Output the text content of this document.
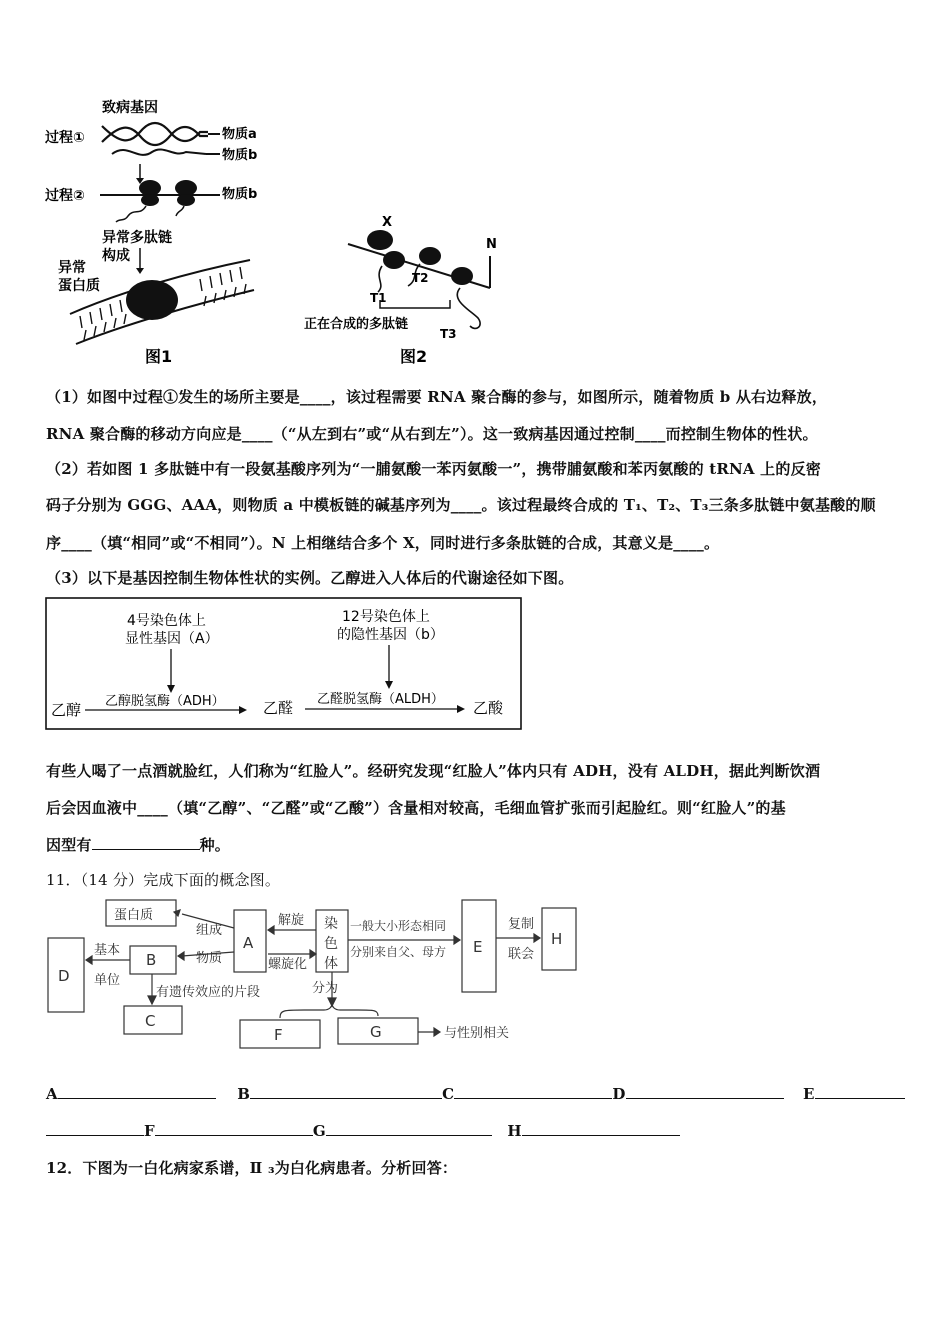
致病基因
过程①	物质a
物质b
过程②	物质b
异常多肽链
构成
异常
蛋白质
图1
X
N
T1
T2
正在合成的多肽链
T3
图2
（1）如图中过程①发生的场所主要是____，该过程需要 RNA 聚合酶的参与，如图所示，随着物质 b 从右边释放，
RNA 聚合酶的移动方向应是____（“从左到右”或“从右到左”）。这一致病基因通过控制____而控制生物体的性状。
（2）若如图 1 多肽链中有一段氨基酸序列为“一脯氨酸一苯丙氨酸一”，携带脯氨酸和苯丙氨酸的 tRNA 上的反密
码子分别为 GGG、AAA，则物质 a 中模板链的碱基序列为____。该过程最终合成的 T₁、T₂、T₃三条多肽链中氨基酸的顺
序____（填“相同”或“不相同”）。N 上相继结合多个 X，同时进行多条肽链的合成，其意义是____。
（3）以下是基因控制生物体性状的实例。乙醇进入人体后的代谢途径如下图。
4号染色体上
显性基因（A）
12号染色体上
的隐性基因（b）
乙醇 乙醇脱氢酶（ADH）	乙醛 乙醛脱氢酶（ALDH） 乙酸
有些人喝了一点酒就脸红，人们称为“红脸人”。经研究发现“红脸人”体内只有 ADH，没有 ALDH，据此判断饮酒
后会因血液中____（填“乙醇”、“乙醛”或“乙酸”）含量相对较高，毛细血管扩张而引起脸红。则“红脸人”的基
因型有	种。
11．（14 分）完成下面的概念图。
蛋白质
A
B
D
C
E	H
F	G
染色体
组成
物质
基本
单位
有遗传效应的片段
解旋
螺旋化
一般大小形态相同
分别来自父、母方
复制
联会
分为
与性别相关
A	B	C	D	E
F	G	H
12．下图为一白化病家系谱，Ⅱ ₃为白化病患者。分析回答：
